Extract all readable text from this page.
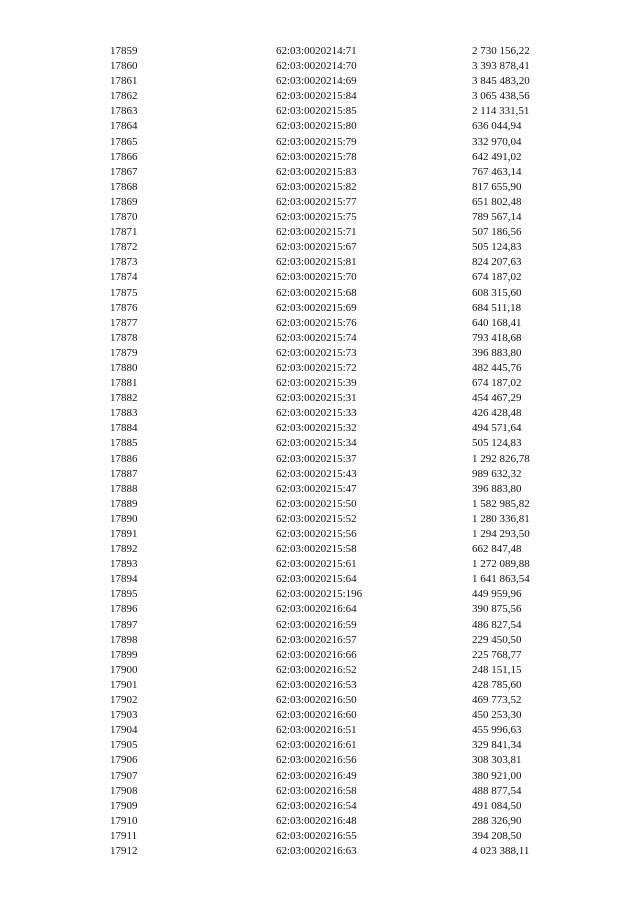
17859	62:03:0020214:71	2 730 156,22
17860	62:03:0020214:70	3 393 878,41
17861	62:03:0020214:69	3 845 483,20
17862	62:03:0020215:84	3 065 438,56
17863	62:03:0020215:85	2 114 331,51
17864	62:03:0020215:80	636 044,94
17865	62:03:0020215:79	332 970,04
17866	62:03:0020215:78	642 491,02
17867	62:03:0020215:83	767 463,14
17868	62:03:0020215:82	817 655,90
17869	62:03:0020215:77	651 802,48
17870	62:03:0020215:75	789 567,14
17871	62:03:0020215:71	507 186,56
17872	62:03:0020215:67	505 124,83
17873	62:03:0020215:81	824 207,63
17874	62:03:0020215:70	674 187,02
17875	62:03:0020215:68	608 315,60
17876	62:03:0020215:69	684 511,18
17877	62:03:0020215:76	640 168,41
17878	62:03:0020215:74	793 418,68
17879	62:03:0020215:73	396 883,80
17880	62:03:0020215:72	482 445,76
17881	62:03:0020215:39	674 187,02
17882	62:03:0020215:31	454 467,29
17883	62:03:0020215:33	426 428,48
17884	62:03:0020215:32	494 571,64
17885	62:03:0020215:34	505 124,83
17886	62:03:0020215:37	1 292 826,78
17887	62:03:0020215:43	989 632,32
17888	62:03:0020215:47	396 883,80
17889	62:03:0020215:50	1 582 985,82
17890	62:03:0020215:52	1 280 336,81
17891	62:03:0020215:56	1 294 293,50
17892	62:03:0020215:58	662 847,48
17893	62:03:0020215:61	1 272 089,88
17894	62:03:0020215:64	1 641 863,54
17895	62:03:0020215:196	449 959,96
17896	62:03:0020216:64	390 875,56
17897	62:03:0020216:59	486 827,54
17898	62:03:0020216:57	229 450,50
17899	62:03:0020216:66	225 768,77
17900	62:03:0020216:52	248 151,15
17901	62:03:0020216:53	428 785,60
17902	62:03:0020216:50	469 773,52
17903	62:03:0020216:60	450 253,30
17904	62:03:0020216:51	455 996,63
17905	62:03:0020216:61	329 841,34
17906	62:03:0020216:56	308 303,81
17907	62:03:0020216:49	380 921,00
17908	62:03:0020216:58	488 877,54
17909	62:03:0020216:54	491 084,50
17910	62:03:0020216:48	288 326,90
17911	62:03:0020216:55	394 208,50
17912	62:03:0020216:63	4 023 388,11
